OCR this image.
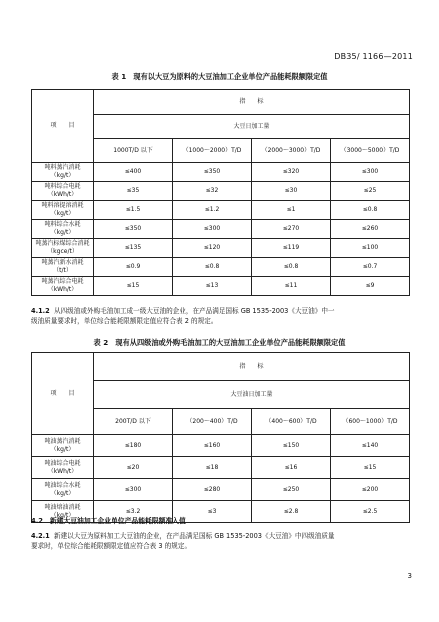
DB35/ 1166—2011
表 1　现有以大豆为原料的大豆油加工企业单位产品能耗限额限定值
项　　目	指　　标			
	大豆日加工量			
	1000T/D 以下	（1000～2000）T/D	（2000～3000）T/D	（3000～5000）T/D

吨料蒸汽消耗
（kg/t）	≤400	≤350	≤320	≤300

吨料综合电耗
（kWh/t）	≤35	≤32	≤30	≤25

吨料溶提溶消耗
（kg/t）	≤1.5	≤1.2	≤1	≤0.8

吨料综合水耗
（kg/t）	≤350	≤300	≤270	≤260

吨蒸汽标煤综合消耗
（kgce/t）	≤135	≤120	≤119	≤100

吨蒸汽新水消耗
（t/t）	≤0.9	≤0.8	≤0.8	≤0.7

吨蒸汽综合电耗
（kWh/t）	≤15	≤13	≤11	≤9
4.1.2 从四级油或外购毛油加工成一级大豆油的企业，在产品满足国标 GB 1535-2003《大豆油》中一
级油质量要求时，单位综合能耗限额限定值应符合表 2 的规定。
表 2　现有从四级油或外购毛油加工的大豆油加工企业单位产品能耗限额限定值
项　　目	指　　标			
	大豆油日加工量			
	200T/D 以下	（200～400）T/D	（400～600）T/D	（600～1000）T/D

吨油蒸汽消耗
（kg/t）	≤180	≤160	≤150	≤140

吨油综合电耗
（kWh/t）	≤20	≤18	≤16	≤15

吨油综合水耗
（kg/t）	≤300	≤280	≤250	≤200

吨油熔油消耗
（kg/t）	≤3.2	≤3	≤2.8	≤2.5
4.2　新建大豆油加工企业单位产品能耗限额准入值
4.2.1 新建以大豆为原料加工大豆油的企业，在产品满足国标 GB 1535-2003《大豆油》中四级油质量
要求时，单位综合能耗限额限定值应符合表 3 的规定。
3
